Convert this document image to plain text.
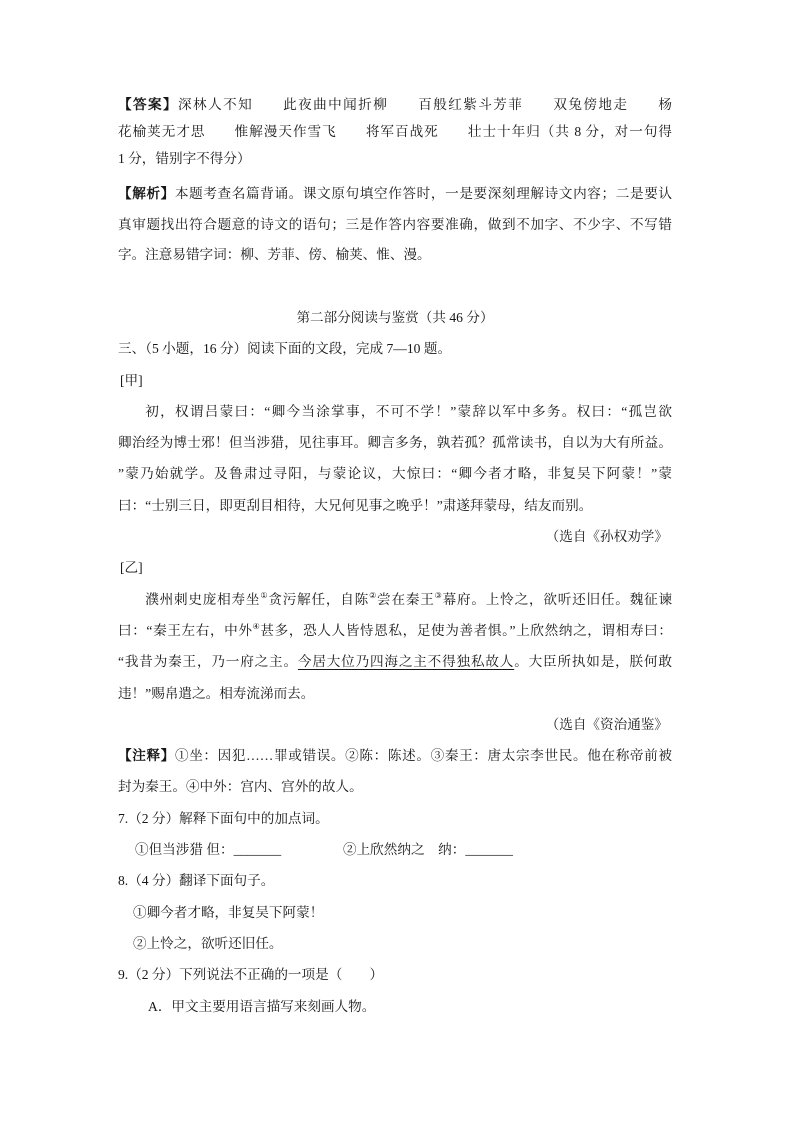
【答案】深林人不知　　此夜曲中闻折柳　　百般红紫斗芳菲　　双兔傍地走　　杨
花榆荚无才思　　惟解漫天作雪飞　　将军百战死　　壮士十年归（共 8 分，对一句得
1 分，错别字不得分）
【解析】本题考查名篇背诵。课文原句填空作答时，一是要深刻理解诗文内容；二是要认
真审题找出符合题意的诗文的语句；三是作答内容要准确，做到不加字、不少字、不写错
字。注意易错字词：柳、芳菲、傍、榆荚、惟、漫。
第二部分阅读与鉴赏（共 46 分）
三、（5 小题，16 分）阅读下面的文段，完成 7—10 题。
[甲]
初，权谓吕蒙曰：“卿今当涂掌事，不可不学！”蒙辞以军中多务。权曰：“孤岂欲
卿治经为博士邪！但当涉猎，见往事耳。卿言多务，孰若孤？孤常读书，自以为大有所益。
”蒙乃始就学。及鲁肃过寻阳，与蒙论议，大惊曰：“卿今者才略，非复吴下阿蒙！”蒙
曰：“士别三日，即更刮目相待，大兄何见事之晚乎！”肃遂拜蒙母，结友而别。
（选自《孙权劝学》
[乙]
濮州刺史庞相寿坐①贪污解任，自陈②尝在秦王③幕府。上怜之，欲听还旧任。魏征谏
曰：“秦王左右，中外④甚多，恐人人皆恃恩私，足使为善者惧。”上欣然纳之，谓相寿曰：
“我昔为秦王，乃一府之主。今居大位乃四海之主不得独私故人。大臣所执如是，朕何敢
违！”赐帛遣之。相寿流涕而去。
（选自《资治通鉴》
【注释】①坐：因犯……罪或错误。②陈：陈述。③秦王：唐太宗李世民。他在称帝前被
封为秦王。④中外：宫内、宫外的故人。
7.（2 分）解释下面句中的加点词。
①但当涉猎 但：_______	②上欣然纳之　纳：_______
8.（4 分）翻译下面句子。
①卿今者才略，非复吴下阿蒙！
②上怜之，欲听还旧任。
9.（2 分）下列说法不正确的一项是（　　）
A．甲文主要用语言描写来刻画人物。
